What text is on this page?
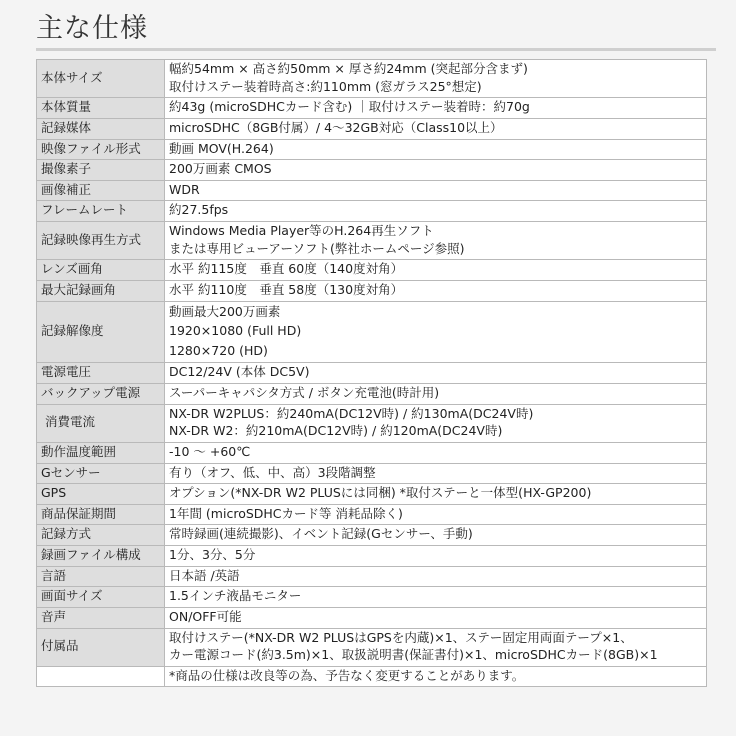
主な仕様
本体サイズ	幅約54mm × 高さ約50mm × 厚さ約24mm (突起部分含まず)
取付けステー装着時高さ:約110mm (窓ガラス25°想定)

本体質量	約43g (microSDHCカード含む) ｜取付けステー装着時：約70g

記録媒体	microSDHC（8GB付属）/ 4～32GB対応（Class10以上）

映像ファイル形式	動画 MOV(H.264)

撮像素子	200万画素 CMOS

画像補正	WDR

フレームレート	約27.5fps

記録映像再生方式	Windows Media Player等のH.264再生ソフト
または専用ビューアーソフト(弊社ホームページ参照)

レンズ画角	水平 約115度　垂直 60度（140度対角）

最大記録画角	水平 約110度　垂直 58度（130度対角）

記録解像度	動画最大200万画素
1920×1080 (Full HD)
1280×720 (HD)

電源電圧	DC12/24V (本体 DC5V)

バックアップ電源	スーパーキャパシタ方式 / ボタン充電池(時計用)

消費電流	NX-DR W2PLUS：約240mA(DC12V時) / 約130mA(DC24V時)
NX-DR W2：約210mA(DC12V時) / 約120mA(DC24V時)

動作温度範囲	-10 ～ +60℃

Gセンサー	有り（オフ、低、中、高）3段階調整

GPS	オプション(*NX-DR W2 PLUSには同梱) *取付ステーと一体型(HX-GP200)

商品保証期間	1年間 (microSDHCカード等 消耗品除く)

記録方式	常時録画(連続撮影)、イベント記録(Gセンサー、手動)

録画ファイル構成	1分、3分、5分

言語	日本語 /英語

画面サイズ	1.5インチ液晶モニター

音声	ON/OFF可能

付属品	取付けステー(*NX-DR W2 PLUSはGPSを内蔵)×1、ステー固定用両面テープ×1、
カー電源コード(約3.5m)×1、取扱説明書(保証書付)×1、microSDHCカード(8GB)×1

	*商品の仕様は改良等の為、予告なく変更することがあります。
